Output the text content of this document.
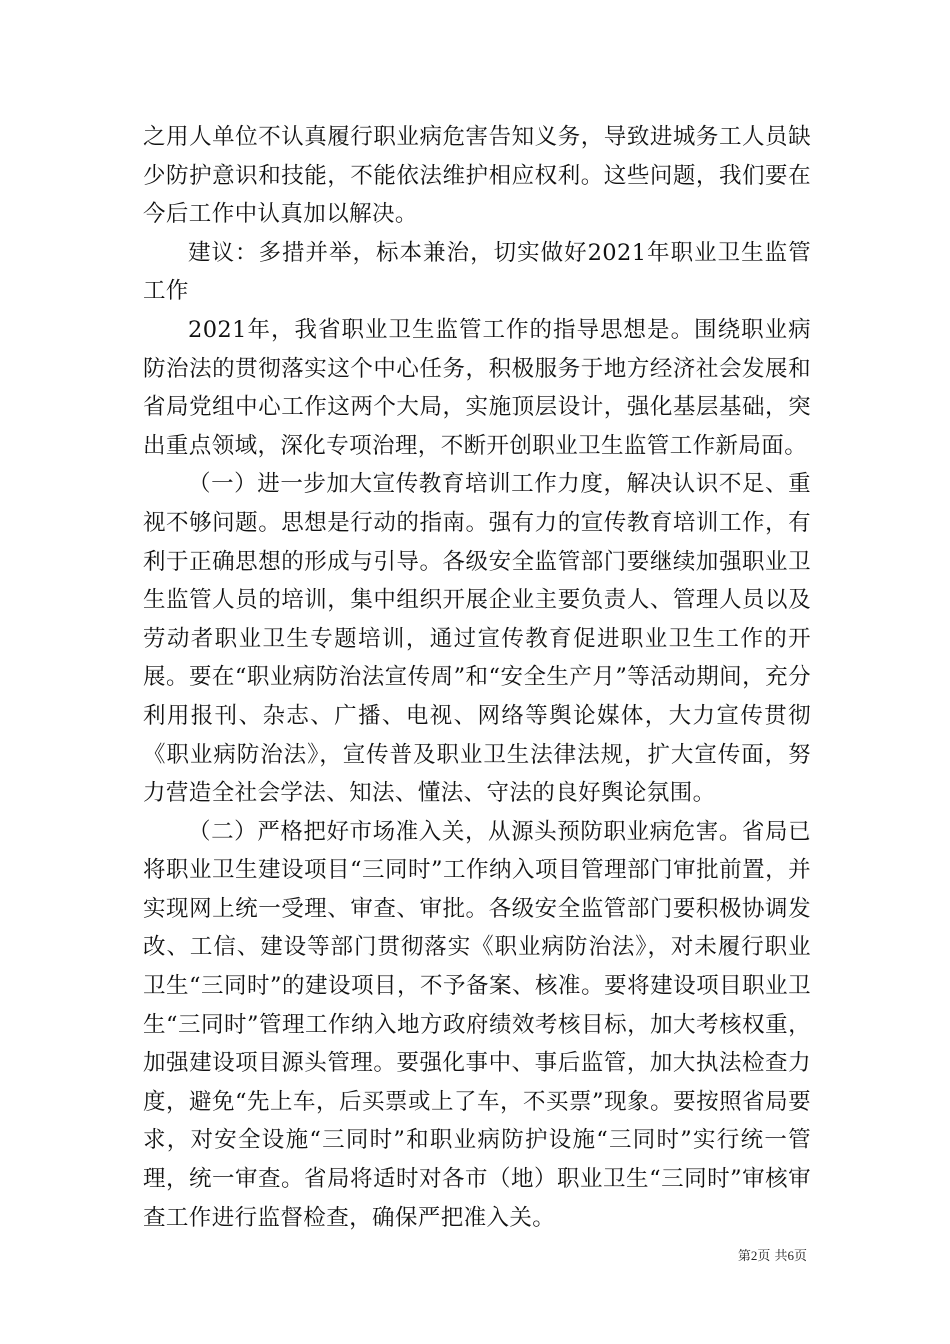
之用人单位不认真履行职业病危害告知义务，导致进城务工人员缺少防护意识和技能，不能依法维护相应权利。这些问题，我们要在今后工作中认真加以解决。

建议：多措并举，标本兼治，切实做好2021年职业卫生监管工作

2021年，我省职业卫生监管工作的指导思想是。围绕职业病防治法的贯彻落实这个中心任务，积极服务于地方经济社会发展和省局党组中心工作这两个大局，实施顶层设计，强化基层基础，突出重点领域，深化专项治理，不断开创职业卫生监管工作新局面。

（一）进一步加大宣传教育培训工作力度，解决认识不足、重视不够问题。思想是行动的指南。强有力的宣传教育培训工作，有利于正确思想的形成与引导。各级安全监管部门要继续加强职业卫生监管人员的培训，集中组织开展企业主要负责人、管理人员以及劳动者职业卫生专题培训，通过宣传教育促进职业卫生工作的开展。要在“职业病防治法宣传周”和“安全生产月”等活动期间，充分利用报刊、杂志、广播、电视、网络等舆论媒体，大力宣传贯彻《职业病防治法》，宣传普及职业卫生法律法规，扩大宣传面，努力营造全社会学法、知法、懂法、守法的良好舆论氛围。

（二）严格把好市场准入关，从源头预防职业病危害。省局已将职业卫生建设项目“三同时”工作纳入项目管理部门审批前置，并实现网上统一受理、审查、审批。各级安全监管部门要积极协调发改、工信、建设等部门贯彻落实《职业病防治法》，对未履行职业卫生“三同时”的建设项目，不予备案、核准。要将建设项目职业卫生“三同时”管理工作纳入地方政府绩效考核目标，加大考核权重，加强建设项目源头管理。要强化事中、事后监管，加大执法检查力度，避免“先上车，后买票或上了车，不买票”现象。要按照省局要求，对安全设施“三同时”和职业病防护设施“三同时”实行统一管理，统一审查。省局将适时对各市（地）职业卫生“三同时”审核审查工作进行监督检查，确保严把准入关。

第2页 共6页
